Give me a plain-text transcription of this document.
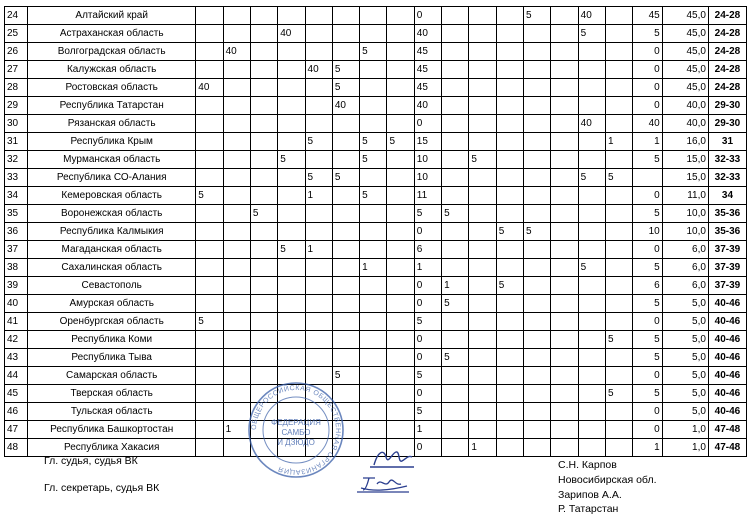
24	Алтайский край									0				5		40		45	45,0	24-28
25	Астраханская область				40					40						5		5	45,0	24-28
26	Волгоградская область		40					5		45								0	45,0	24-28
27	Калужская область					40	5			45								0	45,0	24-28
28	Ростовская область	40					5			45								0	45,0	24-28
29	Республика Татарстан						40			40								0	40,0	29-30
30	Рязанская область									0						40		40	40,0	29-30
31	Республика Крым					5		5	5	15							1	1	16,0	31
32	Мурманская область				5			5		10		5						5	15,0	32-33
33	Республика СО-Алания					5	5			10						5	5		15,0	32-33
34	Кемеровская область	5				1		5		11								0	11,0	34
35	Воронежская область			5						5	5							5	10,0	35-36
36	Республика Калмыкия									0			5	5				10	10,0	35-36
37	Магаданская область				5	1				6								0	6,0	37-39
38	Сахалинская область							1		1						5		5	6,0	37-39
39	Севастополь									0	1		5					6	6,0	37-39
40	Амурская область									0	5							5	5,0	40-46
41	Оренбургская область	5								5								0	5,0	40-46
42	Республика Коми									0							5	5	5,0	40-46
43	Республика Тыва									0	5							5	5,0	40-46
44	Самарская область						5			5								0	5,0	40-46
45	Тверская область									0							5	5	5,0	40-46
46	Тульская область									5								0	5,0	40-46
47	Республика Башкортостан		1							1								0	1,0	47-48
48	Республика Хакасия									0		1						1	1,0	47-48
ОБЩЕРОССИЙСКАЯ ОБЩЕСТВЕННАЯ ОРГАНИЗАЦИЯ
ФЕДЕРАЦИЯ
САМБО
И ДЗЮДО
Гл. судья, судья ВК
Гл. секретарь, судья ВК
С.Н. Карпов
Новосибирская обл.
Зарипов А.А.
Р. Татарстан
